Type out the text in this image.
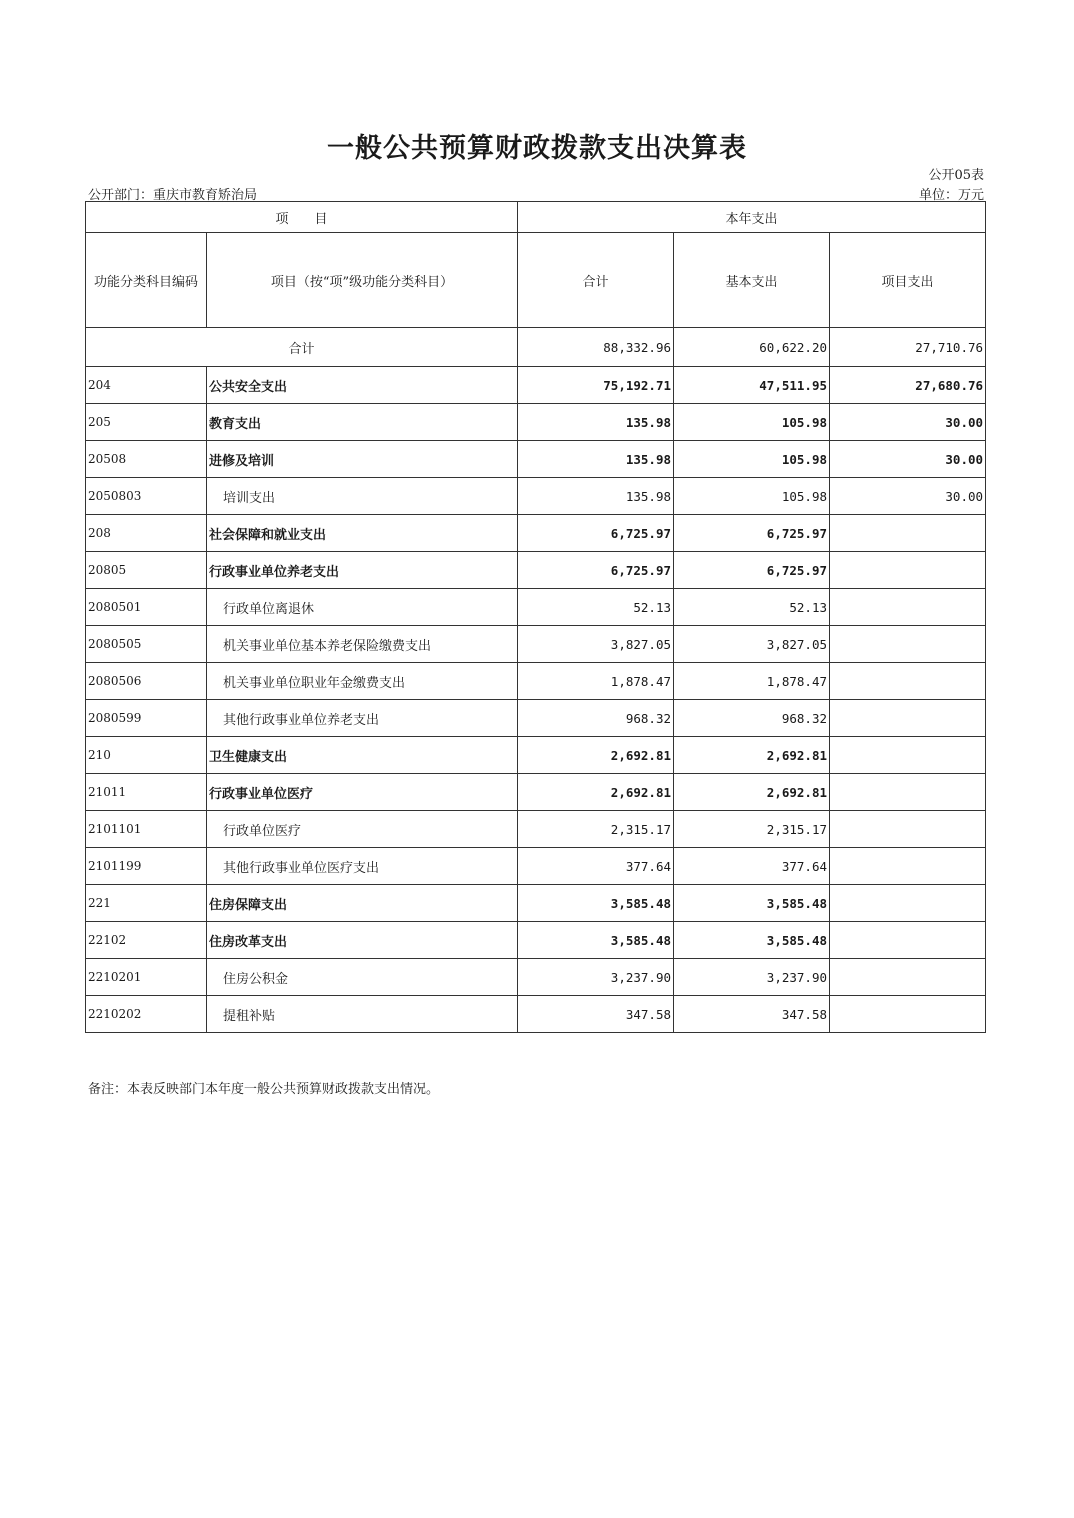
一般公共预算财政拨款支出决算表
公开05表
公开部门：重庆市教育矫治局	单位：万元
项　　目		本年支出		
功能分类科目编码	项目（按“项”级功能分类科目）	合计	基本支出	项目支出
合计		88,332.96	60,622.20	27,710.76
204	公共安全支出	75,192.71	47,511.95	27,680.76
205	教育支出	135.98	105.98	30.00
20508	进修及培训	135.98	105.98	30.00
2050803	培训支出	135.98	105.98	30.00
208	社会保障和就业支出	6,725.97	6,725.97	
20805	行政事业单位养老支出	6,725.97	6,725.97	
2080501	行政单位离退休	52.13	52.13	
2080505	机关事业单位基本养老保险缴费支出	3,827.05	3,827.05	
2080506	机关事业单位职业年金缴费支出	1,878.47	1,878.47	
2080599	其他行政事业单位养老支出	968.32	968.32	
210	卫生健康支出	2,692.81	2,692.81	
21011	行政事业单位医疗	2,692.81	2,692.81	
2101101	行政单位医疗	2,315.17	2,315.17	
2101199	其他行政事业单位医疗支出	377.64	377.64	
221	住房保障支出	3,585.48	3,585.48	
22102	住房改革支出	3,585.48	3,585.48	
2210201	住房公积金	3,237.90	3,237.90	
2210202	提租补贴	347.58	347.58	
备注：本表反映部门本年度一般公共预算财政拨款支出情况。
